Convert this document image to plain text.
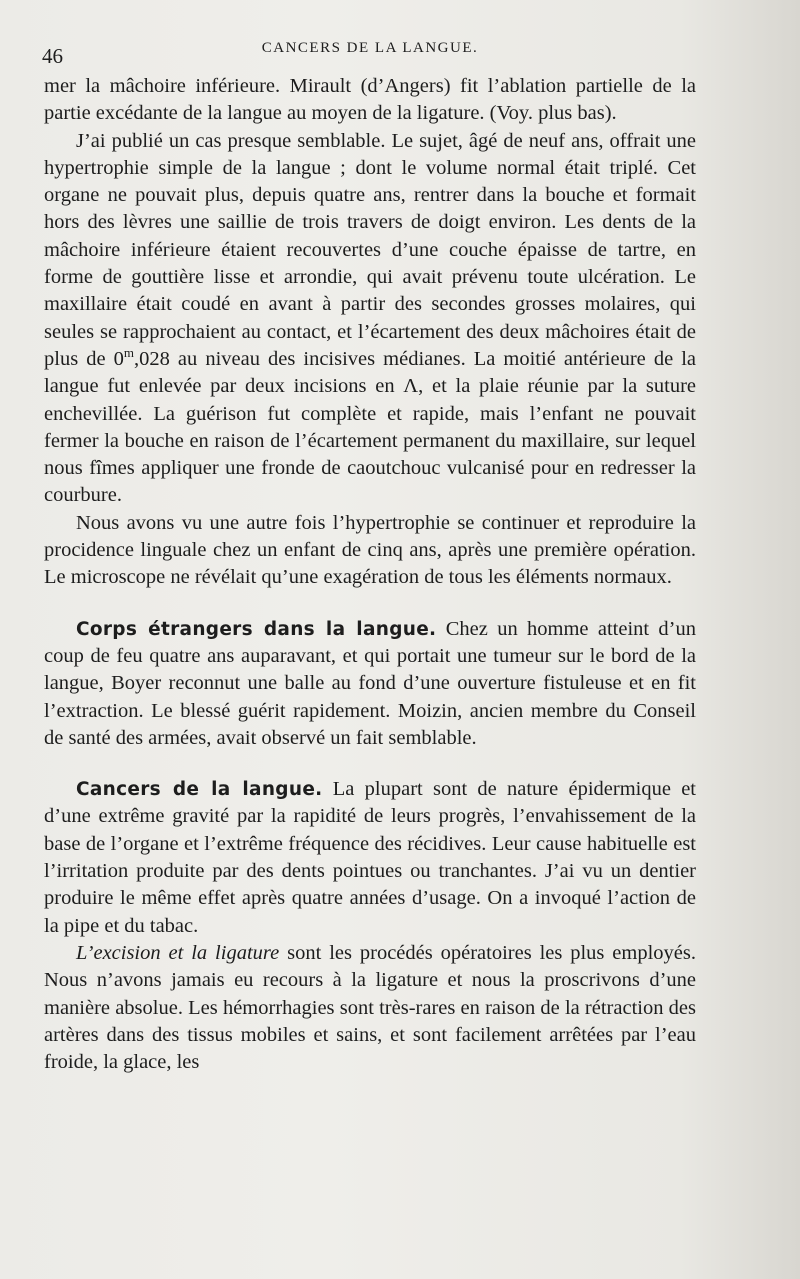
46	CANCERS DE LA LANGUE.

mer la mâchoire inférieure. Mirault (d’Angers) fit l’ablation partielle de la partie excédante de la langue au moyen de la ligature. (Voy. plus bas).

J’ai publié un cas presque semblable. Le sujet, âgé de neuf ans, offrait une hypertrophie simple de la langue ; dont le volume normal était triplé. Cet organe ne pouvait plus, depuis quatre ans, rentrer dans la bouche et formait hors des lèvres une saillie de trois travers de doigt environ. Les dents de la mâchoire inférieure étaient recouvertes d’une couche épaisse de tartre, en forme de gouttière lisse et arrondie, qui avait prévenu toute ulcération. Le maxillaire était coudé en avant à partir des secondes grosses molaires, qui seules se rapprochaient au contact, et l’écartement des deux mâchoires était de plus de 0$^m$,028 au niveau des incisives médianes. La moitié antérieure de la langue fut enlevée par deux incisions en Λ, et la plaie réunie par la suture enchevillée. La guérison fut complète et rapide, mais l’enfant ne pouvait fermer la bouche en raison de l’écartement permanent du maxillaire, sur lequel nous fîmes appliquer une fronde de caoutchouc vulcanisé pour en redresser la courbure.

Nous avons vu une autre fois l’hypertrophie se continuer et reproduire la procidence linguale chez un enfant de cinq ans, après une première opération. Le microscope ne révélait qu’une exagération de tous les éléments normaux.

Corps étrangers dans la langue. Chez un homme atteint d’un coup de feu quatre ans auparavant, et qui portait une tumeur sur le bord de la langue, Boyer reconnut une balle au fond d’une ouverture fistuleuse et en fit l’extraction. Le blessé guérit rapidement. Moizin, ancien membre du Conseil de santé des armées, avait observé un fait semblable.

Cancers de la langue. La plupart sont de nature épidermique et d’une extrême gravité par la rapidité de leurs progrès, l’envahissement de la base de l’organe et l’extrême fréquence des récidives. Leur cause habituelle est l’irritation produite par des dents pointues ou tranchantes. J’ai vu un dentier produire le même effet après quatre années d’usage. On a invoqué l’action de la pipe et du tabac.

L’excision et la ligature sont les procédés opératoires les plus employés. Nous n’avons jamais eu recours à la ligature et nous la proscrivons d’une manière absolue. Les hémorrhagies sont très-rares en raison de la rétraction des artères dans des tissus mobiles et sains, et sont facilement arrêtées par l’eau froide, la glace, les
